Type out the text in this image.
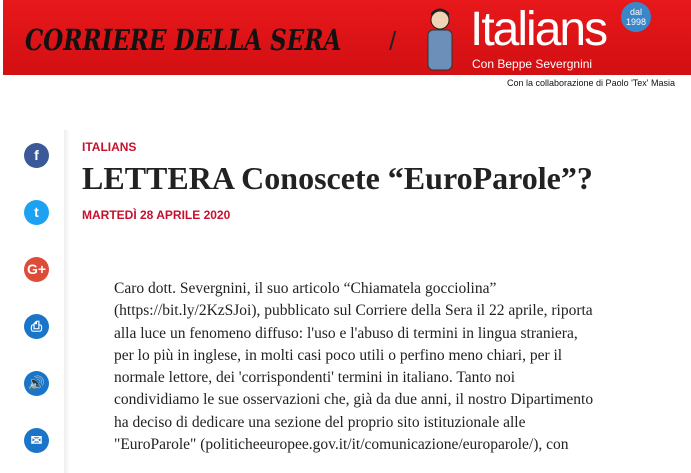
CORRIERE DELLA SERA / Italians
Con Beppe Severgnini
dal
1998
Con la collaborazione di Paolo 'Tex' Masia
f
t
G+
⎙
🔊
✉
ITALIANS
LETTERA Conoscete “EuroParole”?
MARTEDÌ 28 APRILE 2020
Caro dott. Severgnini, il suo articolo “Chiamatela gocciolina”
(https://bit.ly/2KzSJoi), pubblicato sul Corriere della Sera il 22 aprile, riporta
alla luce un fenomeno diffuso: l'uso e l'abuso di termini in lingua straniera,
per lo più in inglese, in molti casi poco utili o perfino meno chiari, per il
normale lettore, dei 'corrispondenti' termini in italiano. Tanto noi
condividiamo le sue osservazioni che, già da due anni, il nostro Dipartimento
ha deciso di dedicare una sezione del proprio sito istituzionale alle
"EuroParole" (politicheeuropee.gov.it/it/comunicazione/europarole/), con
